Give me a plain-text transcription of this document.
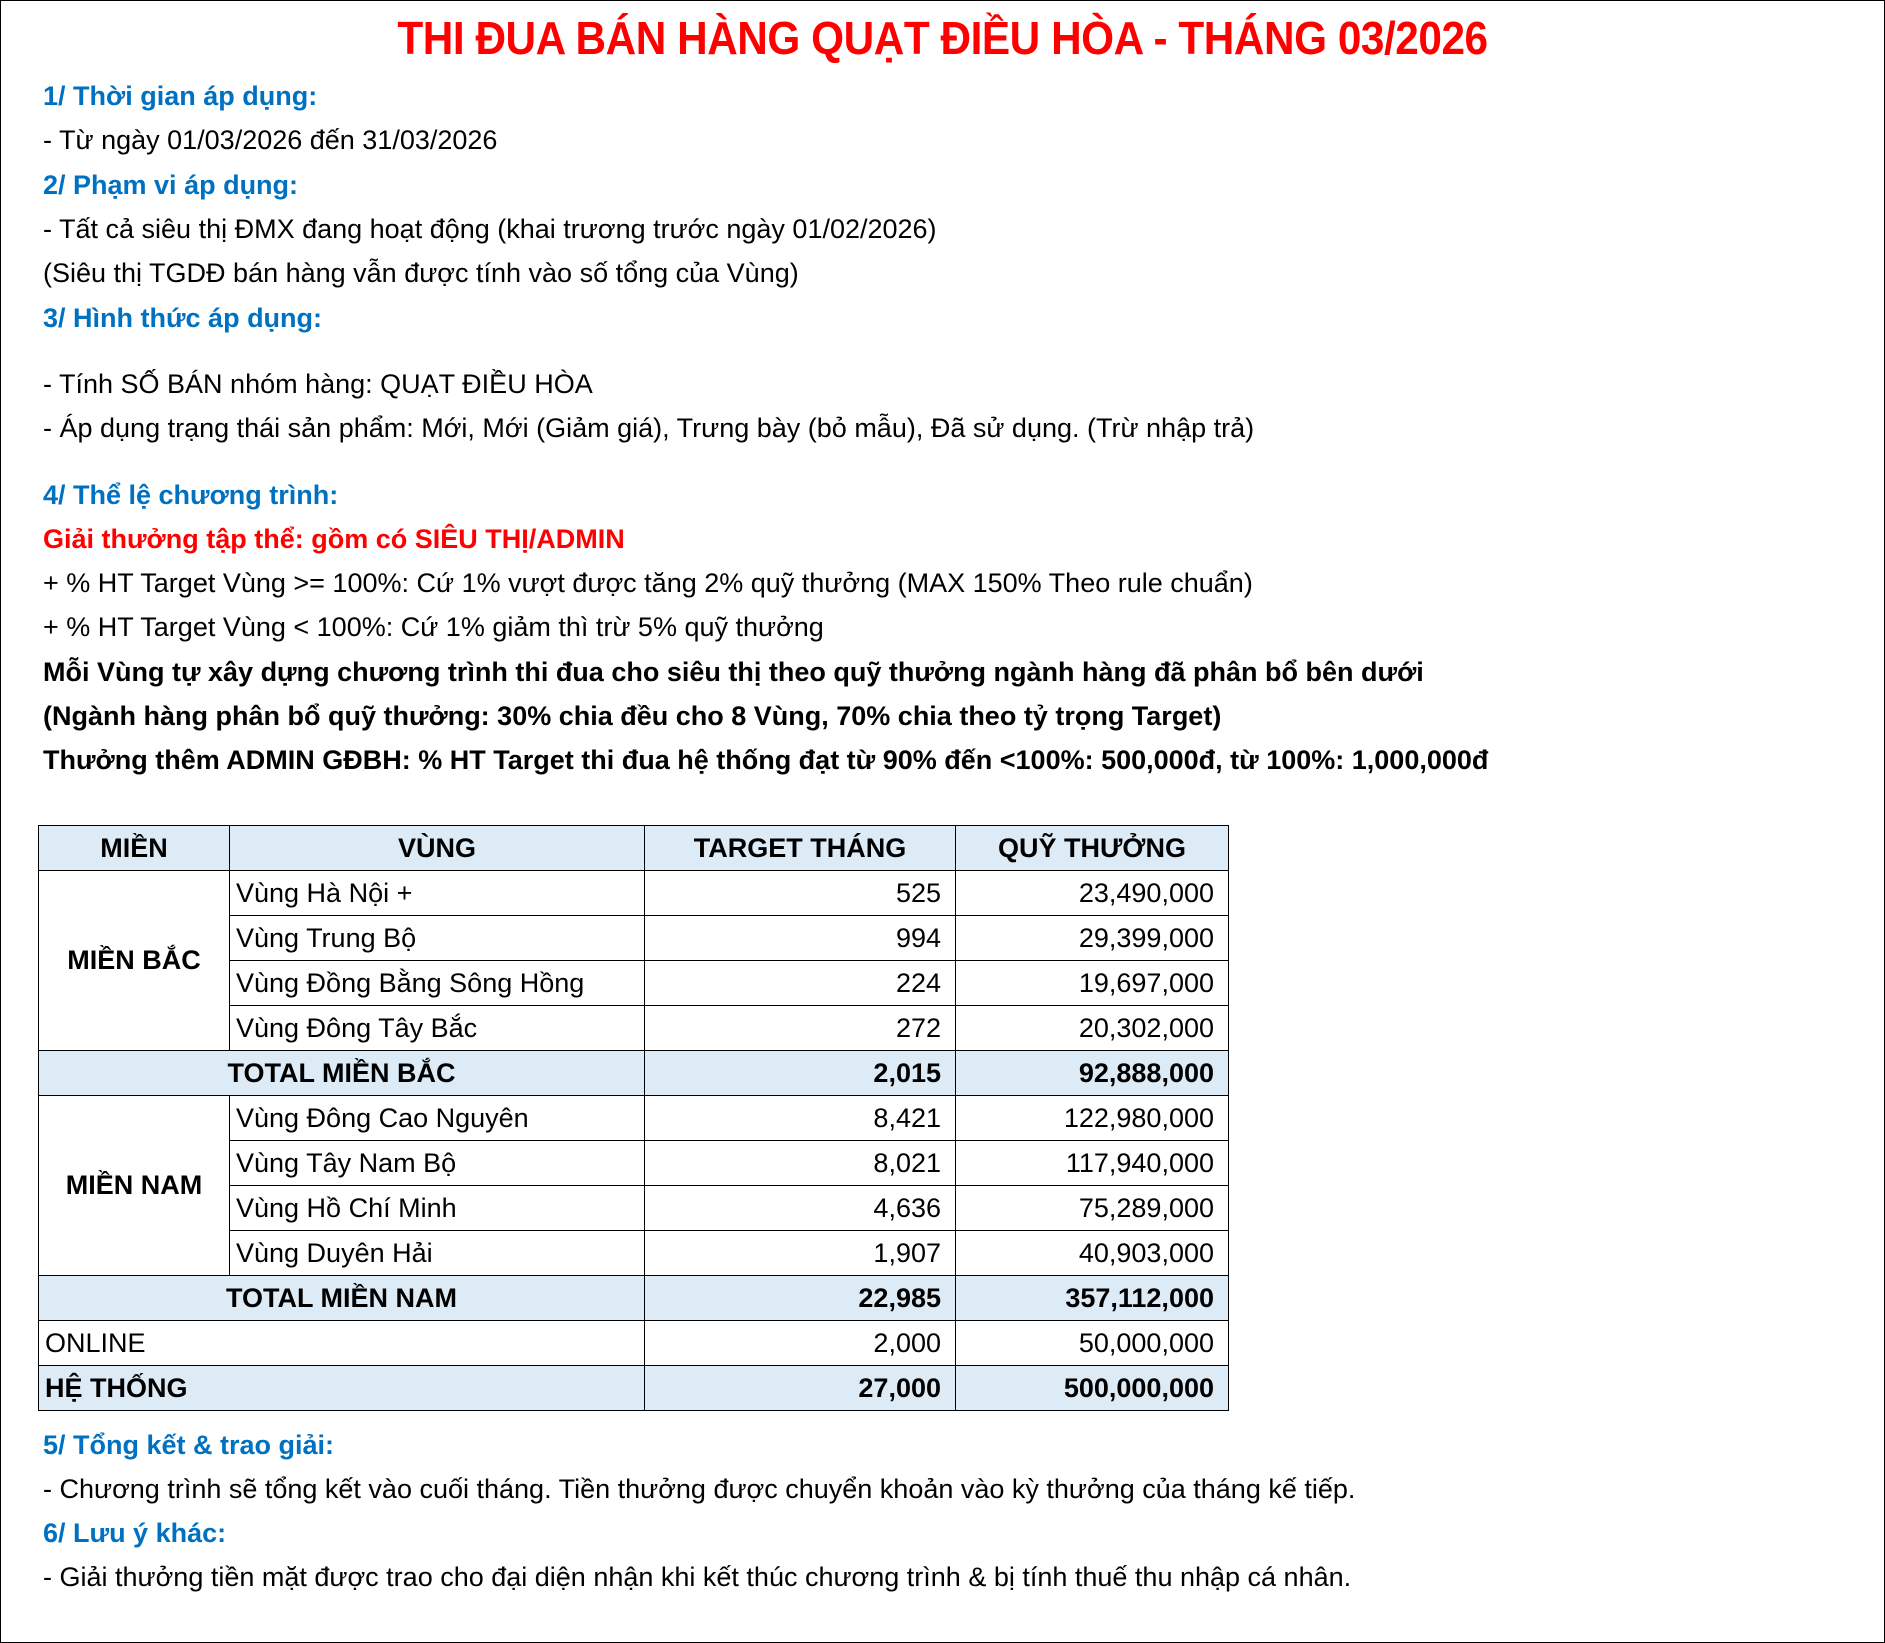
THI ĐUA BÁN HÀNG QUẠT ĐIỀU HÒA - THÁNG 03/2026
1/ Thời gian áp dụng:
- Từ ngày 01/03/2026 đến 31/03/2026
2/ Phạm vi áp dụng:
- Tất cả siêu thị ĐMX đang hoạt động (khai trương trước ngày 01/02/2026)
(Siêu thị TGDĐ bán hàng vẫn được tính vào số tổng của Vùng)
3/ Hình thức áp dụng:
- Tính SỐ BÁN nhóm hàng: QUẠT ĐIỀU HÒA
- Áp dụng trạng thái sản phẩm: Mới, Mới (Giảm giá), Trưng bày (bỏ mẫu), Đã sử dụng. (Trừ nhập trả)
4/ Thể lệ chương trình:
Giải thưởng tập thể: gồm có SIÊU THỊ/ADMIN
+ % HT Target Vùng >= 100%: Cứ 1% vượt được tăng 2% quỹ thưởng (MAX 150% Theo rule chuẩn)
+ % HT Target Vùng < 100%: Cứ 1% giảm thì trừ 5% quỹ thưởng
Mỗi Vùng tự xây dựng chương trình thi đua cho siêu thị theo quỹ thưởng ngành hàng đã phân bổ bên dưới
(Ngành hàng phân bổ quỹ thưởng: 30% chia đều cho 8 Vùng, 70% chia theo tỷ trọng Target)
Thưởng thêm ADMIN GĐBH: % HT Target thi đua hệ thống đạt từ 90% đến <100%: 500,000đ, từ 100%: 1,000,000đ
MIỀN	VÙNG	TARGET THÁNG	QUỸ THƯỞNG
MIỀN BẮC	Vùng Hà Nội +	525	23,490,000
	Vùng Trung Bộ	994	29,399,000
	Vùng Đồng Bằng Sông Hồng	224	19,697,000
	Vùng Đông Tây Bắc	272	20,302,000
TOTAL MIỀN BẮC		2,015	92,888,000
MIỀN NAM	Vùng Đông Cao Nguyên	8,421	122,980,000
	Vùng Tây Nam Bộ	8,021	117,940,000
	Vùng Hồ Chí Minh	4,636	75,289,000
	Vùng Duyên Hải	1,907	40,903,000
TOTAL MIỀN NAM		22,985	357,112,000
ONLINE		2,000	50,000,000
HỆ THỐNG		27,000	500,000,000
5/ Tổng kết & trao giải:
- Chương trình sẽ tổng kết vào cuối tháng. Tiền thưởng được chuyển khoản vào kỳ thưởng của tháng kế tiếp.
6/ Lưu ý khác:
- Giải thưởng tiền mặt được trao cho đại diện nhận khi kết thúc chương trình & bị tính thuế thu nhập cá nhân.
